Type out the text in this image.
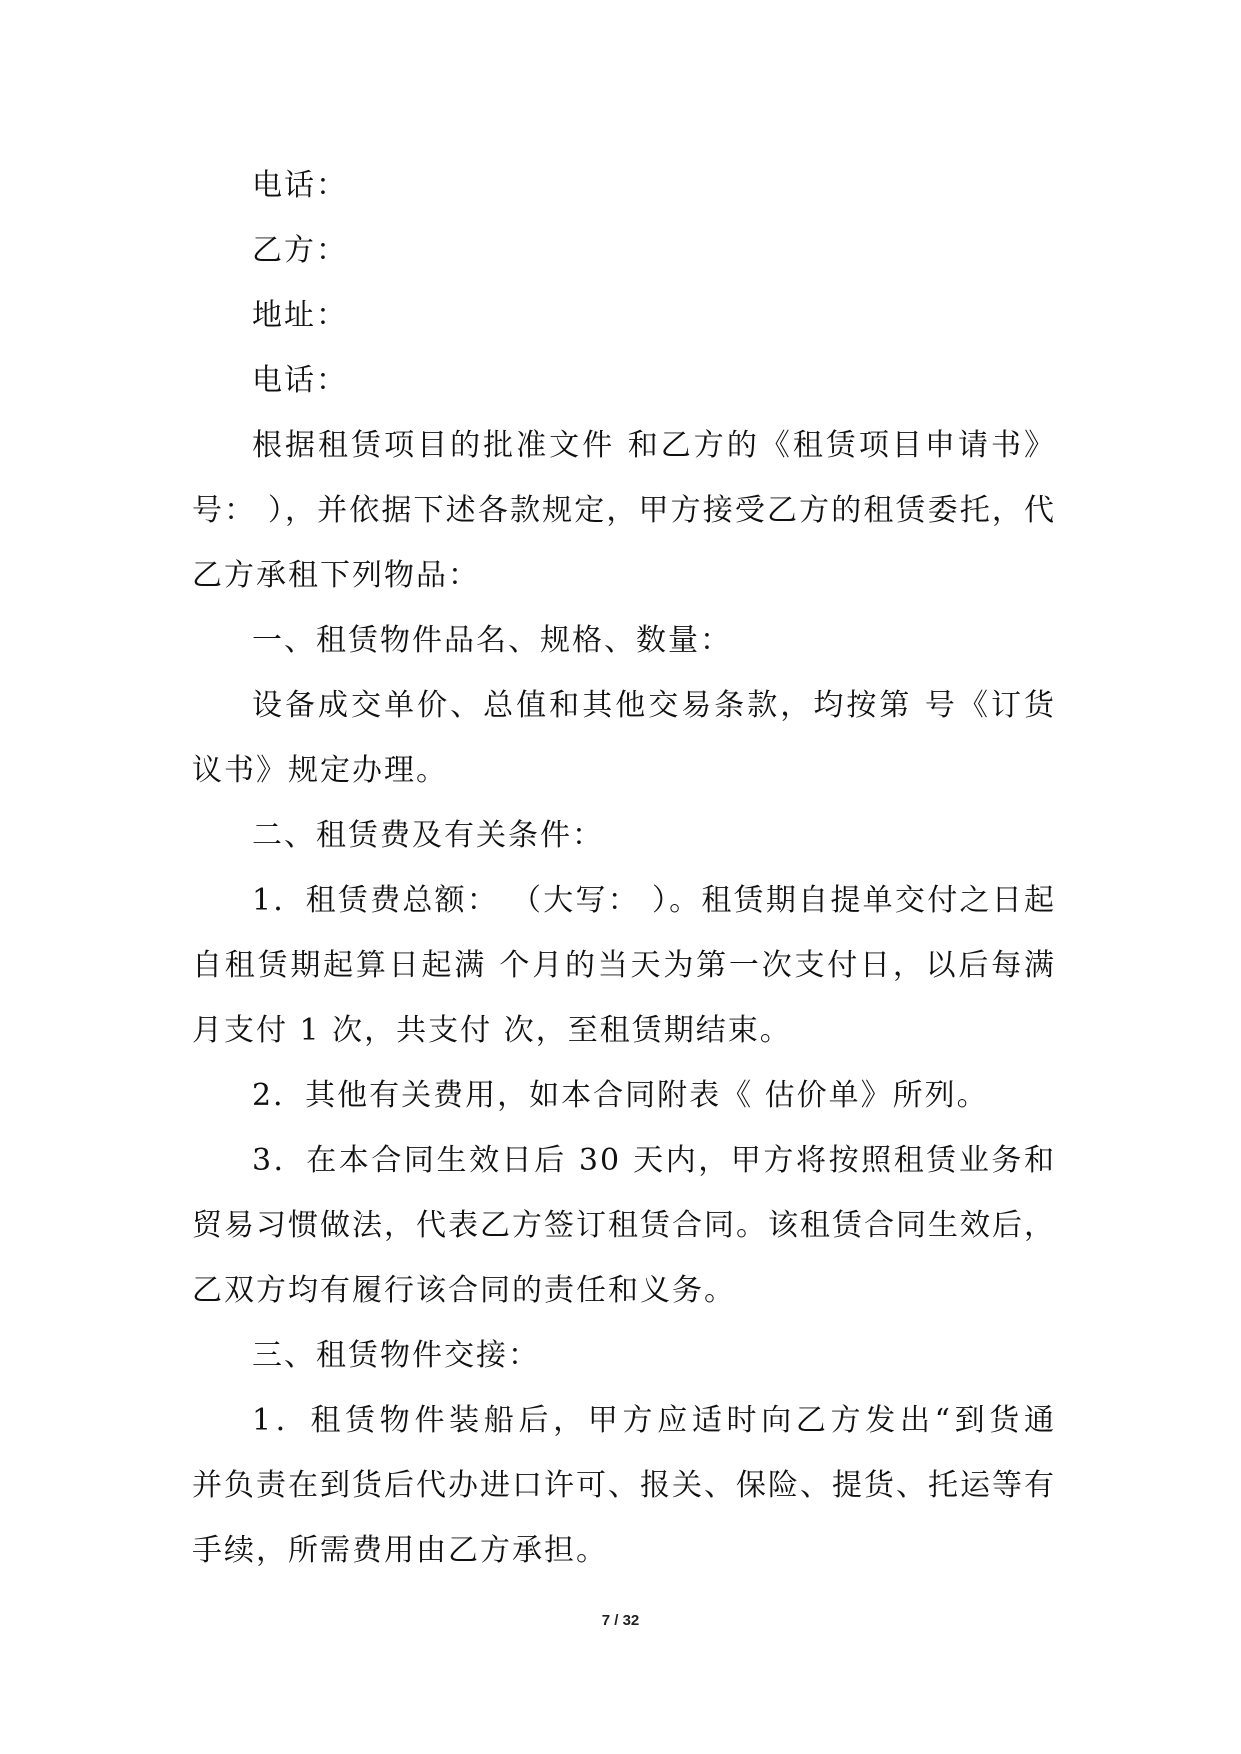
电话：
乙方：
地址：
电话：
根据租赁项目的批准文件 和乙方的《租赁项目申请书》
号： ），并依据下述各款规定，甲方接受乙方的租赁委托，代
乙方承租下列物品：
一、租赁物件品名、规格、数量：
设备成交单价、总值和其他交易条款，均按第 号《订货
议书》规定办理。
二、租赁费及有关条件：
1．租赁费总额： （大写： ）。租赁期自提单交付之日起
自租赁期起算日起满 个月的当天为第一次支付日，以后每满
月支付 1 次，共支付 次，至租赁期结束。
2．其他有关费用，如本合同附表《 估价单》所列。
3．在本合同生效日后 30 天内，甲方将按照租赁业务和
贸易习惯做法，代表乙方签订租赁合同。该租赁合同生效后，
乙双方均有履行该合同的责任和义务。
三、租赁物件交接：
1．租赁物件装船后，甲方应适时向乙方发出“到货通
并负责在到货后代办进口许可、报关、保险、提货、托运等有
手续，所需费用由乙方承担。
7 / 32
